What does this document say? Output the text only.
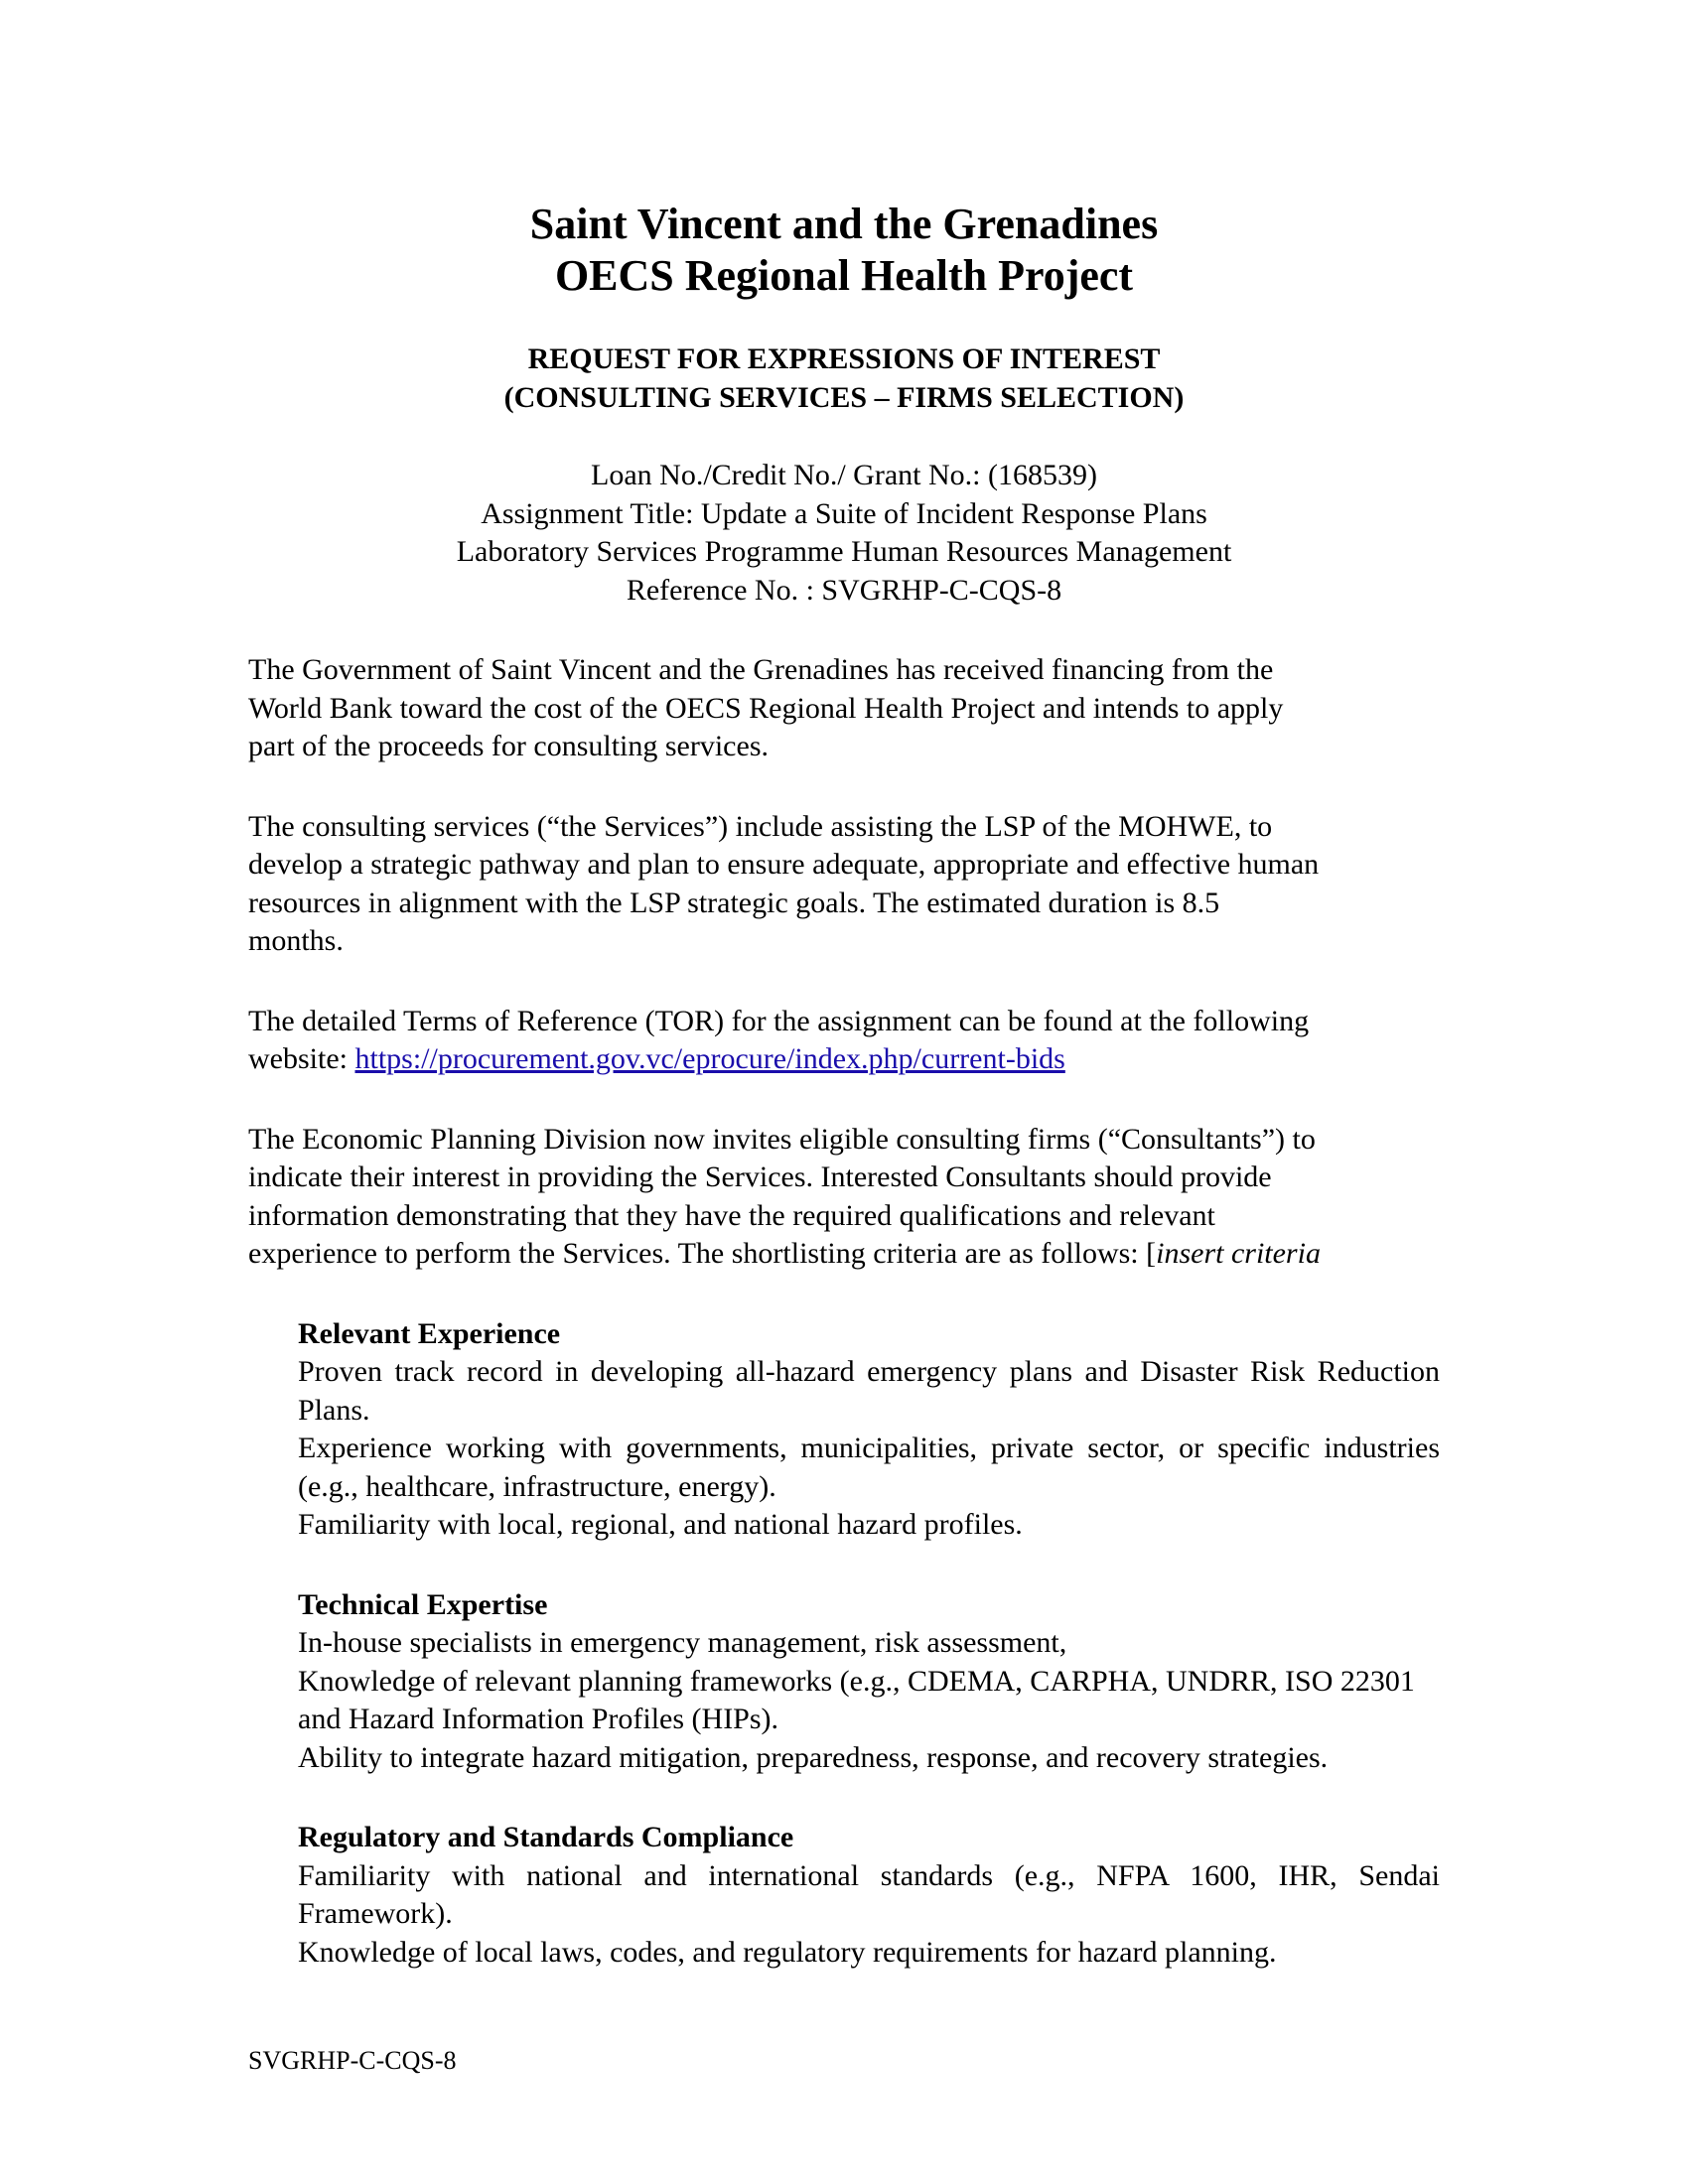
Saint Vincent and the Grenadines
OECS Regional Health Project
REQUEST FOR EXPRESSIONS OF INTEREST
(CONSULTING SERVICES – FIRMS SELECTION)
Loan No./Credit No./ Grant No.: (168539)
Assignment Title: Update a Suite of Incident Response Plans
Laboratory Services Programme Human Resources Management
Reference No. : SVGRHP-C-CQS-8
The Government of Saint Vincent and the Grenadines has received financing from the
World Bank toward the cost of the OECS Regional Health Project and intends to apply
part of the proceeds for consulting services.
The consulting services (“the Services”) include assisting the LSP of the MOHWE, to
develop a strategic pathway and plan to ensure adequate, appropriate and effective human
resources in alignment with the LSP strategic goals. The estimated duration is 8.5
months.
The detailed Terms of Reference (TOR) for the assignment can be found at the following
website: https://procurement.gov.vc/eprocure/index.php/current-bids
The Economic Planning Division now invites eligible consulting firms (“Consultants”) to
indicate their interest in providing the Services. Interested Consultants should provide
information demonstrating that they have the required qualifications and relevant
experience to perform the Services. The shortlisting criteria are as follows: [insert criteria
Relevant Experience

Proven track record in developing all-hazard emergency plans and Disaster Risk Reduction Plans.

Experience working with governments, municipalities, private sector, or specific industries (e.g., healthcare, infrastructure, energy).

Familiarity with local, regional, and national hazard profiles.

Technical Expertise

In-house specialists in emergency management, risk assessment,

Knowledge of relevant planning frameworks (e.g., CDEMA, CARPHA, UNDRR, ISO 22301 and Hazard Information Profiles (HIPs).

Ability to integrate hazard mitigation, preparedness, response, and recovery strategies.

Regulatory and Standards Compliance

Familiarity with national and international standards (e.g., NFPA 1600, IHR, Sendai Framework).

Knowledge of local laws, codes, and regulatory requirements for hazard planning.

SVGRHP-C-CQS-8
